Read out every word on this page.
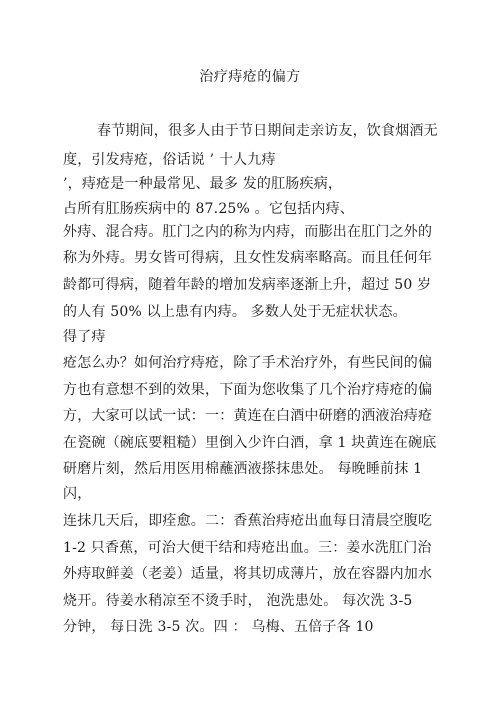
治疗痔疮的偏方
春节期间，很多人由于节日期间走亲访友，饮食烟酒无
度，引发痔疮，俗话说 ’ 十人九痔
’，痔疮是一种最常见、最多 发的肛肠疾病，
占所有肛肠疾病中的 87.25% 。它包括内痔、
外痔、混合痔。肛门之内的称为内痔，而膨出在肛门之外的
称为外痔。男女皆可得病，且女性发病率略高。而且任何年
龄都可得病，随着年龄的增加发病率逐渐上升，超过 50 岁
的人有 50% 以上患有内痔。 多数人处于无症状状态。
得了痔
疮怎么办？如何治疗痔疮，除了手术治疗外，有些民间的偏
方也有意想不到的效果，下面为您收集了几个治疗痔疮的偏
方，大家可以试一试：一：黄连在白酒中研磨的洒液治痔疮
在瓷碗（碗底要粗糙）里倒入少许白酒，拿 1 块黄连在碗底
研磨片刻，然后用医用棉蘸洒液搽抹患处。 每晚睡前抹 1
闪，
连抹几天后，即痊愈。二：香蕉治痔疮出血每日清晨空腹吃
1-2 只香蕉，可治大便干结和痔疮出血。三：姜水洗肛门治
外痔取鲜姜（老姜）适量，将其切成薄片，放在容器内加水
烧开。待姜水稍凉至不烫手时， 泡洗患处。 每次洗 3-5
分钟， 每日洗 3-5 次。四 ： 乌梅、五倍子各 10
